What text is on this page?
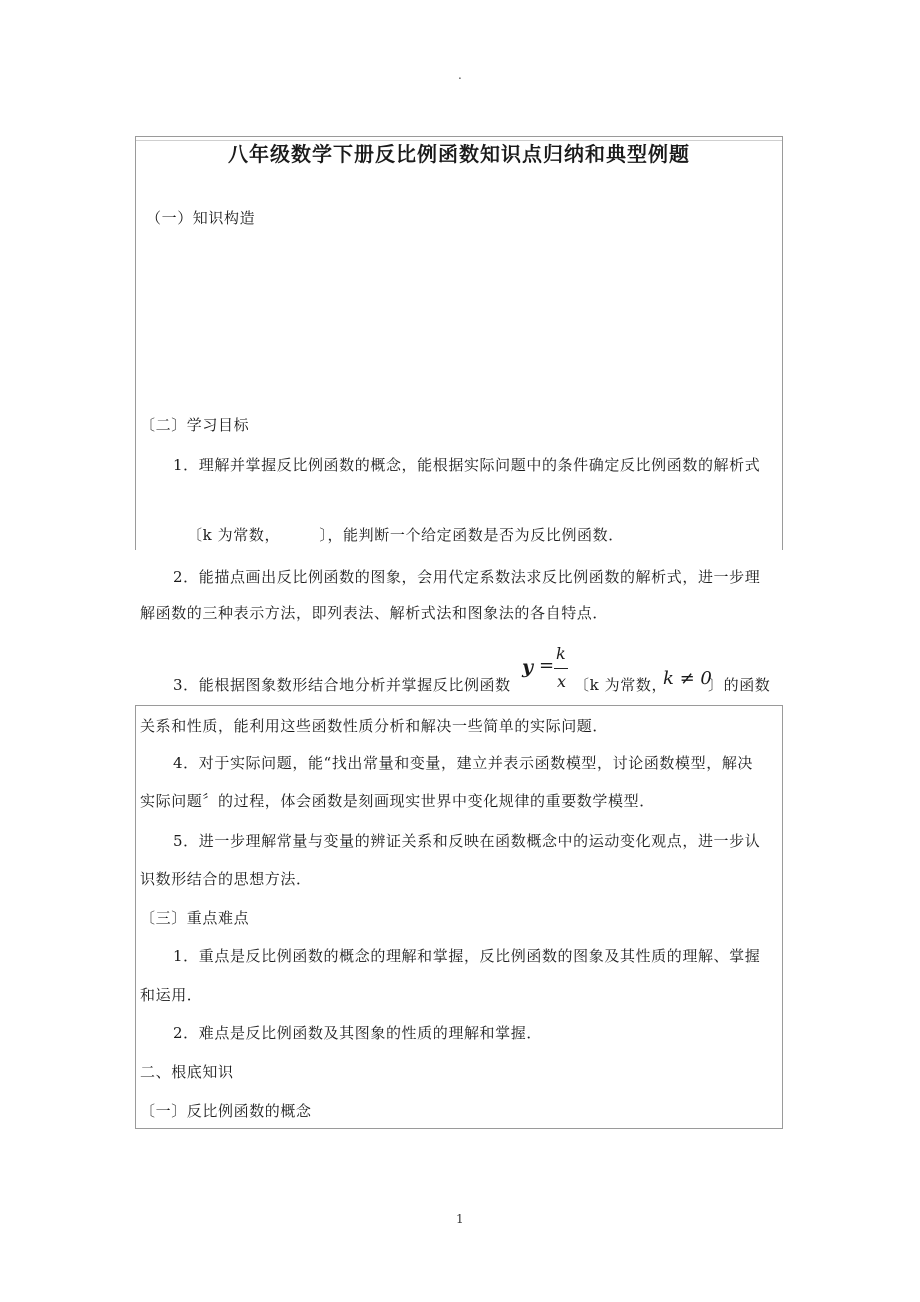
.
八年级数学下册反比例函数知识点归纳和典型例题
（一）知识构造
〔二〕学习目标
1．理解并掌握反比例函数的概念，能根据实际问题中的条件确定反比例函数的解析式
〔k 为常数，　　　〕，能判断一个给定函数是否为反比例函数．
2．能描点画出反比例函数的图象，会用代定系数法求反比例函数的解析式，进一步理
解函数的三种表示方法，即列表法、解析式法和图象法的各自特点．
3．能根据图象数形结合地分析并掌握反比例函数
y =
k
x 〔k 为常数，
k ≠ 0
〕的函数
关系和性质，能利用这些函数性质分析和解决一些简单的实际问题．
4．对于实际问题，能“找出常量和变量，建立并表示函数模型，讨论函数模型，解决
实际问题〞的过程，体会函数是刻画现实世界中变化规律的重要数学模型．
5．进一步理解常量与变量的辨证关系和反映在函数概念中的运动变化观点，进一步认
识数形结合的思想方法．
〔三〕重点难点
1．重点是反比例函数的概念的理解和掌握，反比例函数的图象及其性质的理解、掌握
和运用．
2．难点是反比例函数及其图象的性质的理解和掌握．
二、根底知识
〔一〕反比例函数的概念
1
